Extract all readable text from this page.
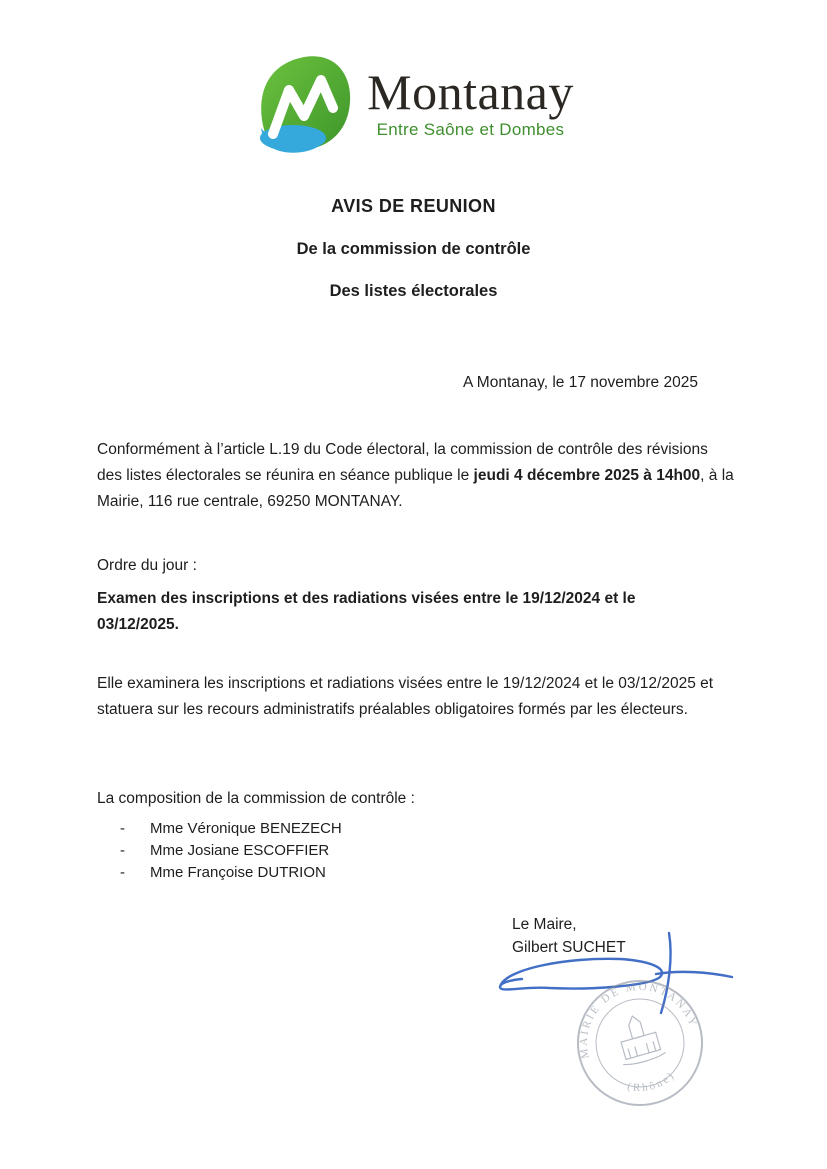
Montanay
Entre Saône et Dombes
AVIS DE REUNION
De la commission de contrôle
Des listes électorales
A Montanay, le 17 novembre 2025
Conformément à l’article L.19 du Code électoral, la commission de contrôle des révisions des listes électorales se réunira en séance publique le jeudi 4 décembre 2025 à 14h00, à la Mairie, 116 rue centrale, 69250 MONTANAY.
Ordre du jour :
Examen des inscriptions et des radiations visées entre le 19/12/2024 et le 03/12/2025.
Elle examinera les inscriptions et radiations visées entre le 19/12/2024 et le 03/12/2025 et statuera sur les recours administratifs préalables obligatoires formés par les électeurs.
La composition de la commission de contrôle :
-	Mme Véronique BENEZECH
-	Mme Josiane ESCOFFIER
-	Mme Françoise DUTRION
Le Maire,
Gilbert SUCHET
MAIRIE DE MONTANAY
(Rhône)
